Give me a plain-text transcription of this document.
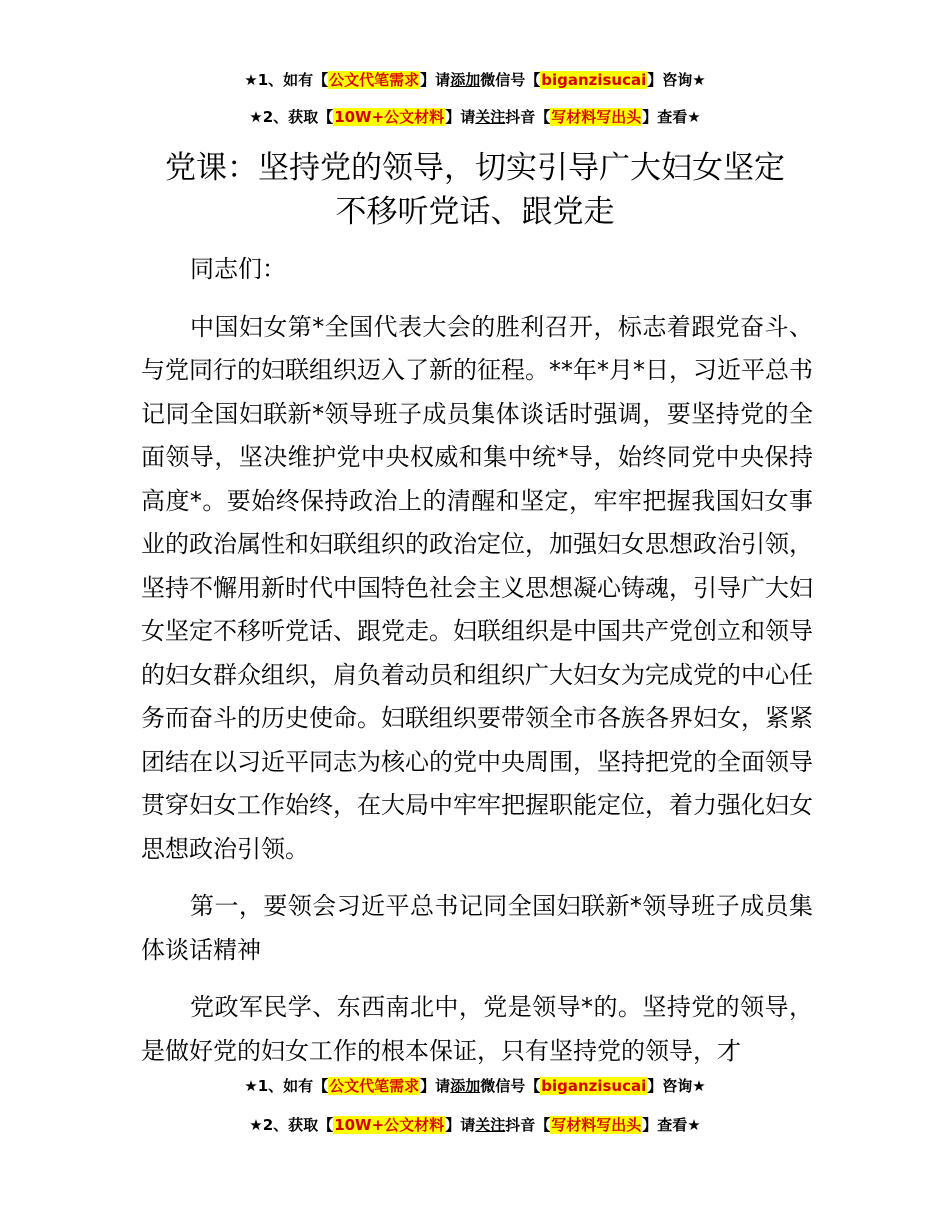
★1、如有【公文代笔需求】请添加微信号【biganzisucai】咨询★
★2、获取【10W+公文材料】请关注抖音【写材料写出头】查看★
党课：坚持党的领导，切实引导广大妇女坚定
不移听党话、跟党走

同志们：

中国妇女第*全国代表大会的胜利召开，标志着跟党奋斗、与党同行的妇联组织迈入了新的征程。**年*月*日，习近平总书记同全国妇联新*领导班子成员集体谈话时强调，要坚持党的全面领导，坚决维护党中央权威和集中统*导，始终同党中央保持高度*。要始终保持政治上的清醒和坚定，牢牢把握我国妇女事业的政治属性和妇联组织的政治定位，加强妇女思想政治引领，坚持不懈用新时代中国特色社会主义思想凝心铸魂，引导广大妇女坚定不移听党话、跟党走。妇联组织是中国共产党创立和领导的妇女群众组织，肩负着动员和组织广大妇女为完成党的中心任务而奋斗的历史使命。妇联组织要带领全市各族各界妇女，紧紧团结在以习近平同志为核心的党中央周围，坚持把党的全面领导贯穿妇女工作始终，在大局中牢牢把握职能定位，着力强化妇女思想政治引领。

第一，要领会习近平总书记同全国妇联新*领导班子成员集体谈话精神

党政军民学、东西南北中，党是领导*的。坚持党的领导，是做好党的妇女工作的根本保证，只有坚持党的领导，才

★1、如有【公文代笔需求】请添加微信号【biganzisucai】咨询★
★2、获取【10W+公文材料】请关注抖音【写材料写出头】查看★
